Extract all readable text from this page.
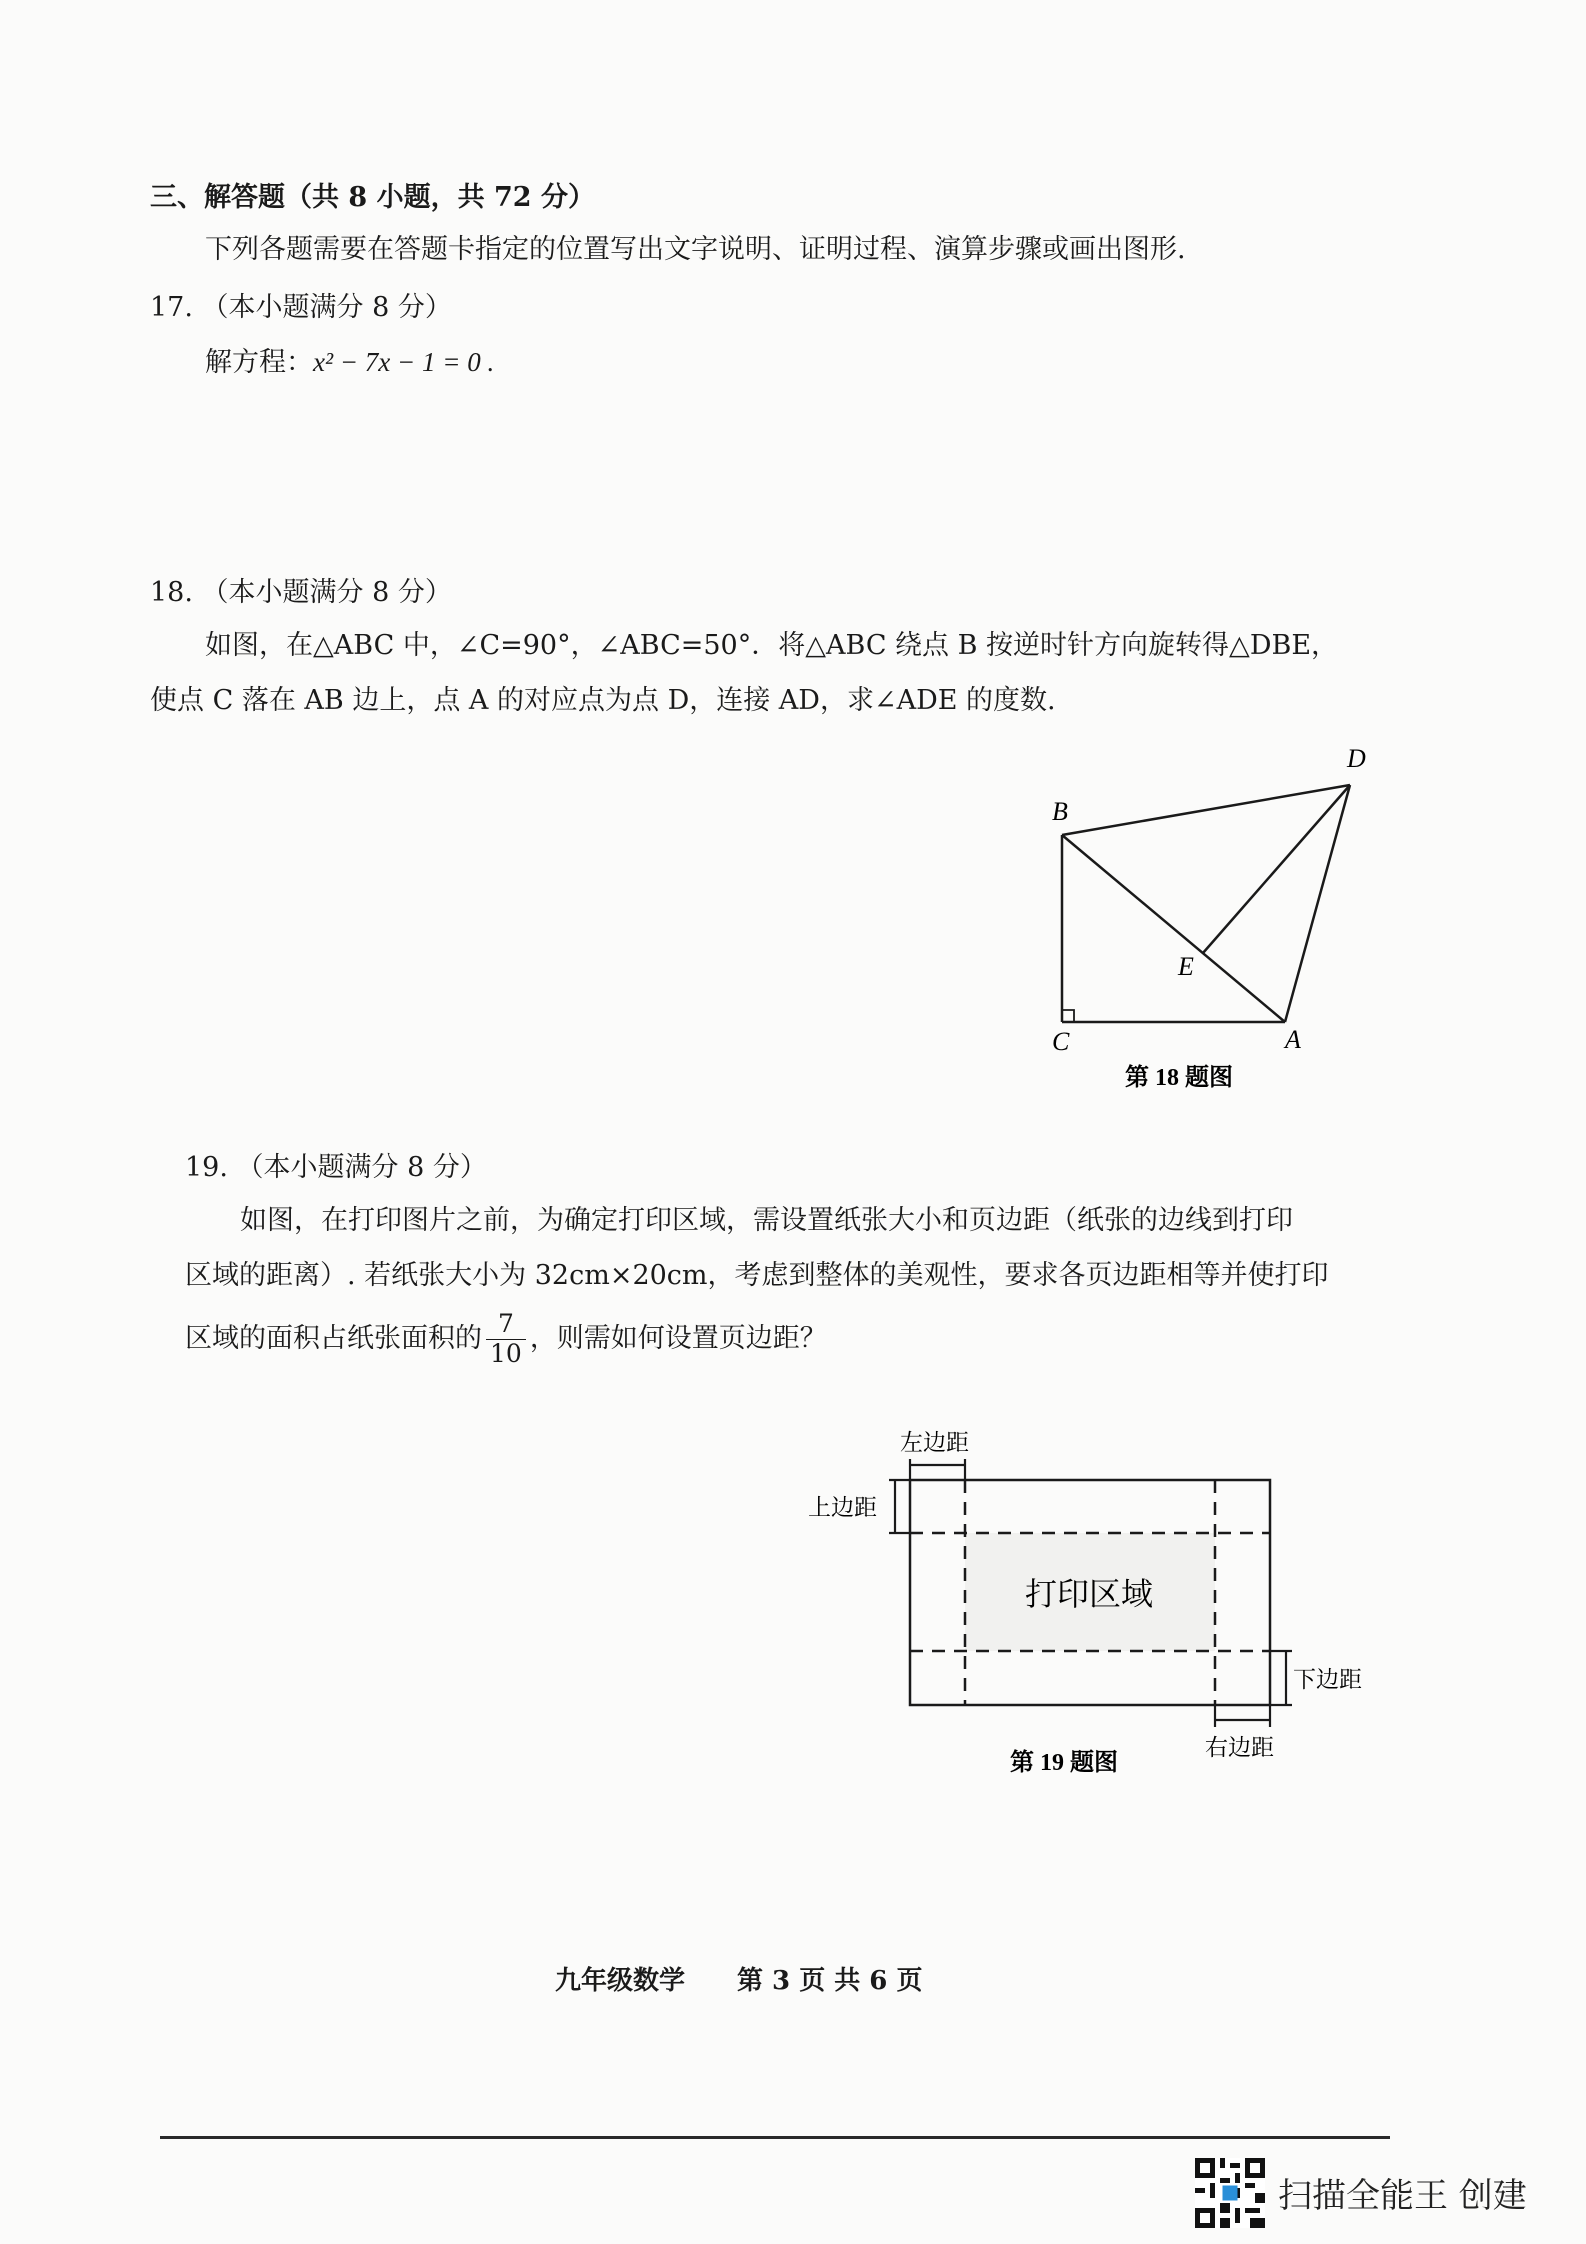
三、解答题（共 8 小题，共 72 分）
下列各题需要在答题卡指定的位置写出文字说明、证明过程、演算步骤或画出图形.
17. （本小题满分 8 分）
解方程：x² − 7x − 1 = 0 .
18. （本小题满分 8 分）
如图，在△ABC 中，∠C=90°，∠ABC=50°．将△ABC 绕点 B 按逆时针方向旋转得△DBE，
使点 C 落在 AB 边上，点 A 的对应点为点 D，连接 AD，求∠ADE 的度数.
B
D
E
C	A
第 18 题图
19. （本小题满分 8 分）
如图，在打印图片之前，为确定打印区域，需设置纸张大小和页边距（纸张的边线到打印
区域的距离）. 若纸张大小为 32cm×20cm，考虑到整体的美观性，要求各页边距相等并使打印
区域的面积占纸张面积的 $\frac{7}{10}$ ，则需如何设置页边距？
左边距
上边距
打印区域
下边距
右边距
第 19 题图
九年级数学　　第 3 页 共 6 页
扫描全能王 创建
